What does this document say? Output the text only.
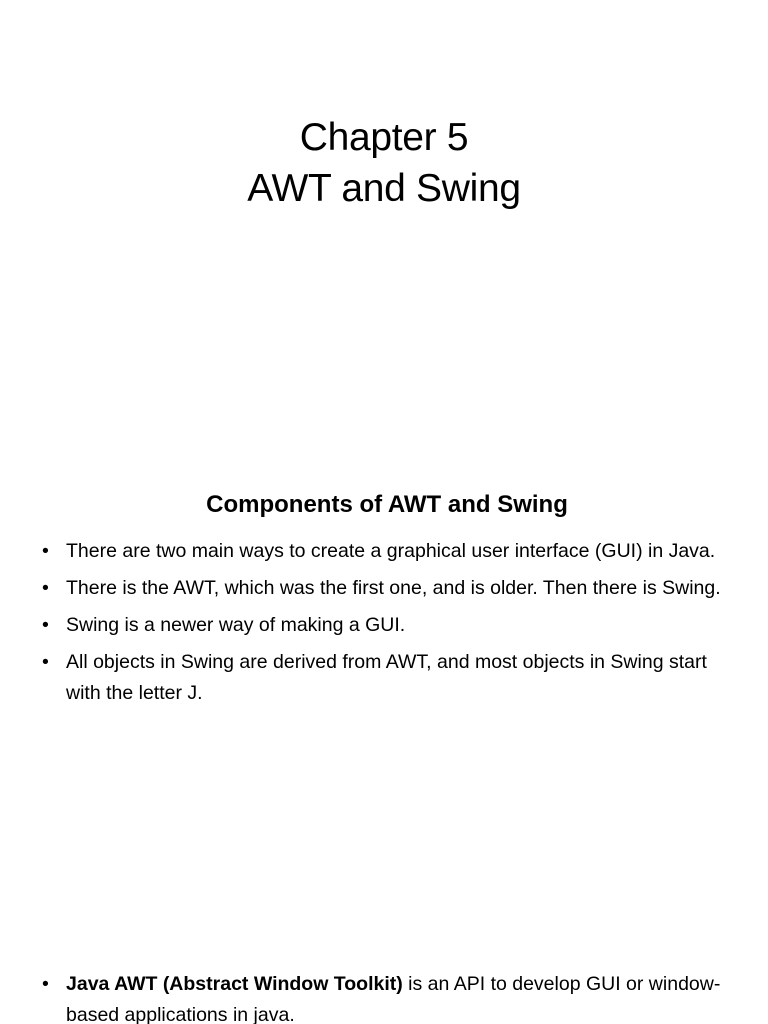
Chapter 5
AWT and Swing
Components of AWT and Swing
• There are two main ways to create a graphical user interface (GUI) in Java.
• There is the AWT, which was the first one, and is older. Then there is Swing.
• Swing is a newer way of making a GUI.
• All objects in Swing are derived from AWT, and most objects in Swing start with the letter J.
• Java AWT (Abstract Window Toolkit) is an API to develop GUI or window-based applications in java.
